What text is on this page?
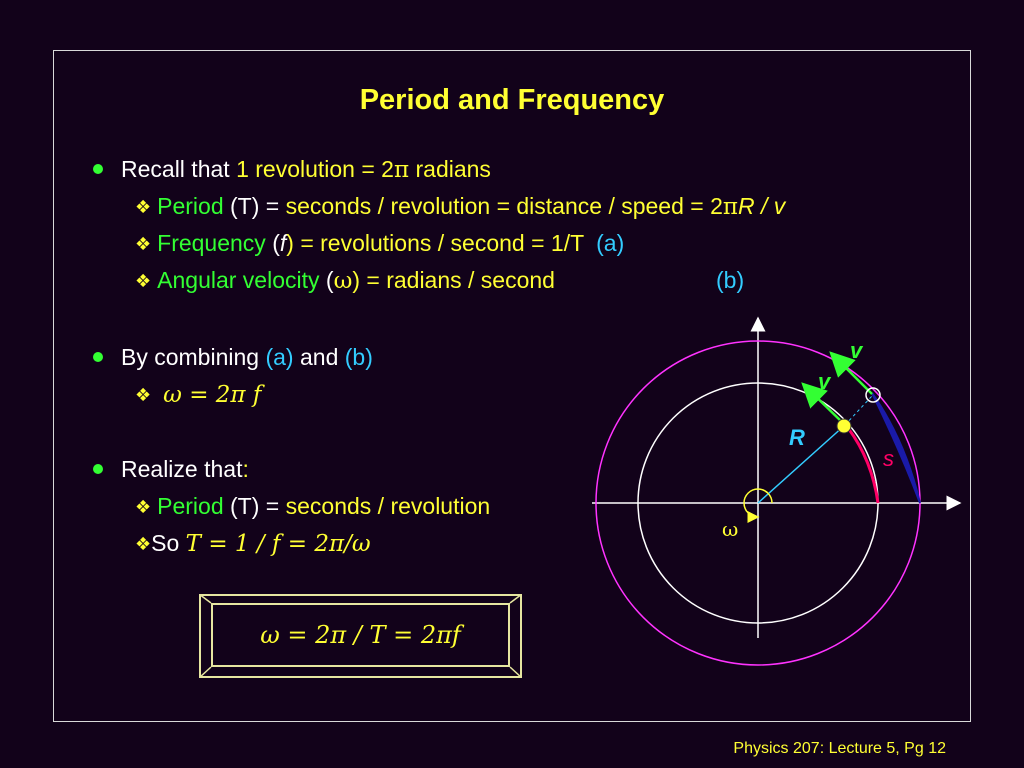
Period and Frequency
Recall that 1 revolution = 2π radians
❖ Period (T) = seconds / revolution = distance / speed = 2πR / v
❖ Frequency (f) = revolutions / second = 1/T (a)
❖ Angular velocity (ω) = radians / second	(b)
By combining (a) and (b)
❖ ω = 2π f
Realize that:
❖ Period (T) = seconds / revolution
❖So T = 1 / f = 2π/ω
ω = 2π / T = 2πf
v
v
R
s
ω
Physics 207: Lecture 5, Pg 12
